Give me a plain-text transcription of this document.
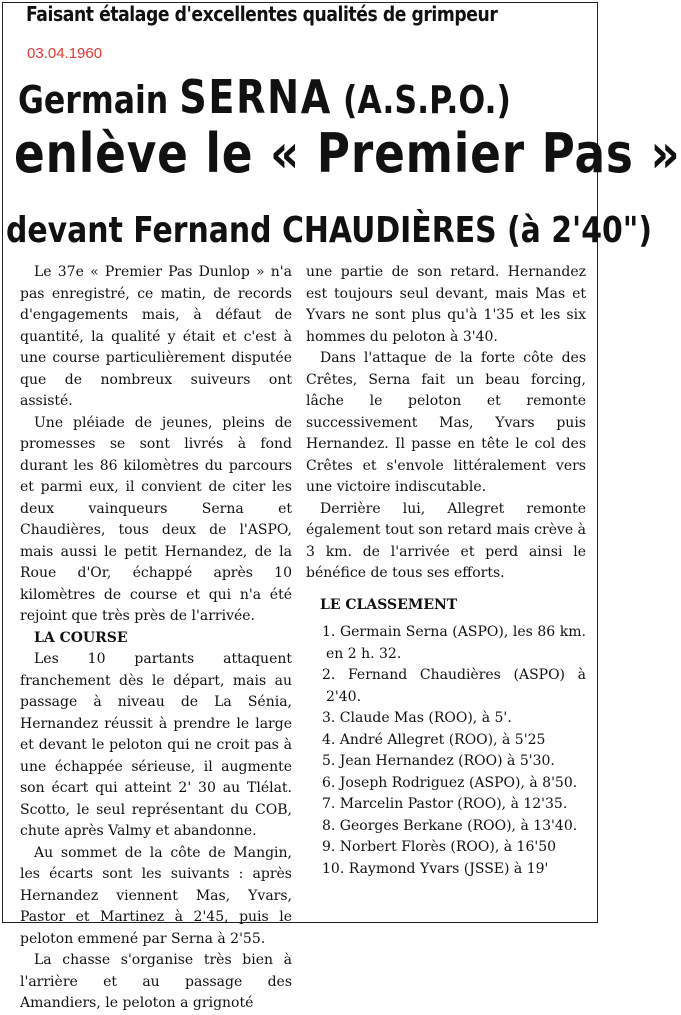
Faisant étalage d'excellentes qualités de grimpeur
03.04.1960
Germain SERNA (A.S.P.O.)
enlève le « Premier Pas »
devant Fernand CHAUDIÈRES (à 2'40")

Le 37e « Premier Pas Dunlop » n'a pas enregistré, ce matin, de records d'engagements mais, à défaut de quantité, la qualité y était et c'est à une course particulièrement disputée que de nombreux suiveurs ont assisté.

Une pléiade de jeunes, pleins de promesses se sont livrés à fond durant les 86 kilomètres du parcours et parmi eux, il convient de citer les deux vainqueurs Serna et Chaudières, tous deux de l'ASPO, mais aussi le petit Hernandez, de la Roue d'Or, échappé après 10 kilomètres de course et qui n'a été rejoint que très près de l'arrivée.

LA COURSE

Les 10 partants attaquent franchement dès le départ, mais au passage à niveau de La Sénia, Hernandez réussit à prendre le large et devant le peloton qui ne croit pas à une échappée sérieuse, il augmente son écart qui atteint 2' 30 au Tlélat. Scotto, le seul représentant du COB, chute après Valmy et abandonne.

Au sommet de la côte de Mangin, les écarts sont les suivants : après Hernandez viennent Mas, Yvars, Pastor et Martinez à 2'45, puis le peloton emmené par Serna à 2'55.

La chasse s'organise très bien à l'arrière et au passage des Amandiers, le peloton a grignoté

une partie de son retard. Hernandez est toujours seul devant, mais Mas et Yvars ne sont plus qu'à 1'35 et les six hommes du peloton à 3'40.

Dans l'attaque de la forte côte des Crêtes, Serna fait un beau forcing, lâche le peloton et remonte successivement Mas, Yvars puis Hernandez. Il passe en tête le col des Crêtes et s'envole littéralement vers une victoire indiscutable.

Derrière lui, Allegret remonte également tout son retard mais crève à 3 km. de l'arrivée et perd ainsi le bénéfice de tous ses efforts.

LE CLASSEMENT

1. Germain Serna (ASPO), les 86 km. en 2 h. 32.
2. Fernand Chaudières (ASPO) à 2'40.
3. Claude Mas (ROO), à 5'.
4. André Allegret (ROO), à 5'25
5. Jean Hernandez (ROO) à 5'30.
6. Joseph Rodriguez (ASPO), à 8'50.
7. Marcelin Pastor (ROO), à 12'35.
8. Georges Berkane (ROO), à 13'40.
9. Norbert Florès (ROO), à 16'50
10. Raymond Yvars (JSSE) à 19'
